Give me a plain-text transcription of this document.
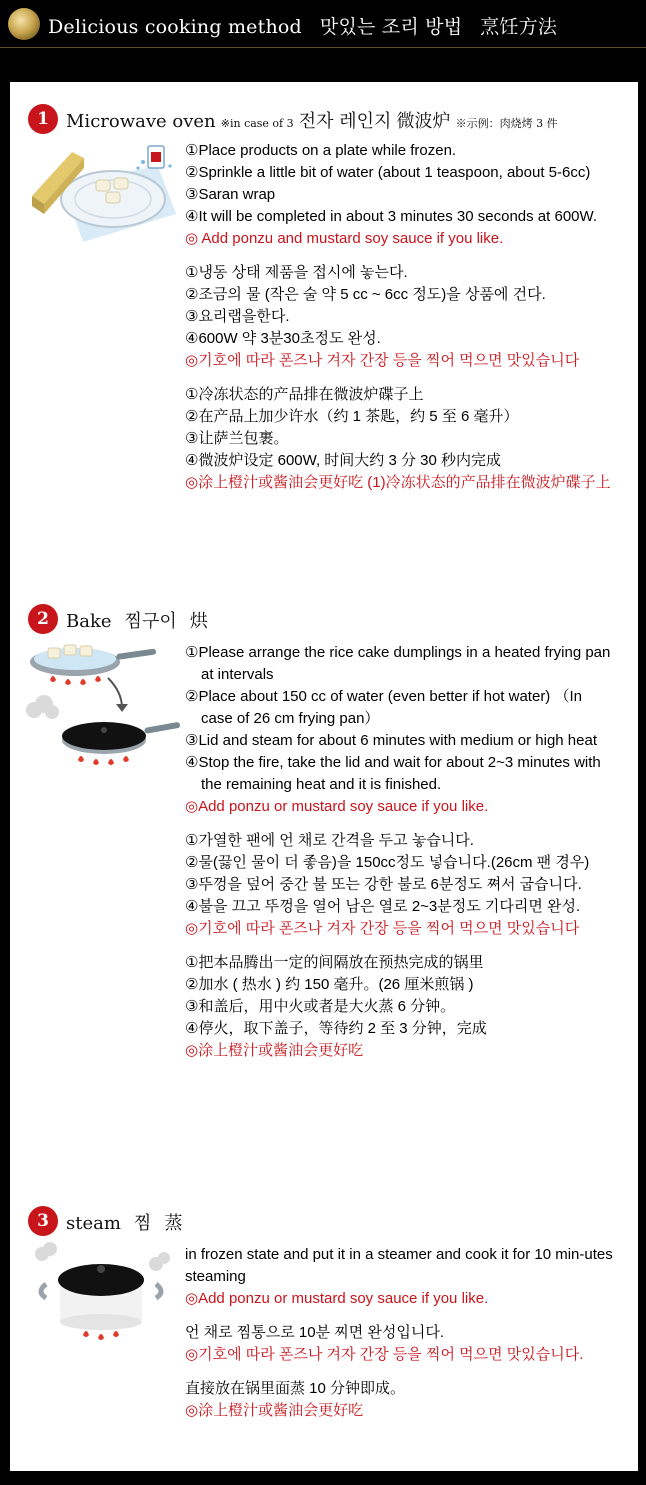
Delicious cooking method 맛있는 조리 방법 烹饪方法
1 Microwave oven ※in case of 3 전자 레인지 微波炉 ※示例：肉烧烤 3 件

①Place products on a plate while frozen.

②Sprinkle a little bit of water (about 1 teaspoon, about 5-6cc)

③Saran wrap

④It will be completed in about 3 minutes 30 seconds at 600W.

◎ Add ponzu and mustard soy sauce if you like.

①냉동 상태 제품을 접시에 놓는다.

②조금의 물 (작은 술 약 5 cc ~ 6cc 정도)을 상품에 건다.

③요리랩을한다.

④600W 약 3분30초정도 완성.

◎기호에 따라 폰즈나 겨자 간장 등을 찍어 먹으면 맛있습니다

①冷冻状态的产品排在微波炉碟子上

②在产品上加少许水（约 1 茶匙，约 5 至 6 毫升）

③让萨兰包裹。

④微波炉设定 600W, 时间大约 3 分 30 秒内完成

◎涂上橙汁或酱油会更好吃 (1)冷冻状态的产品排在微波炉碟子上

2 Bake 찜구이 烘

①Please arrange the rice cake dumplings in a heated frying pan at intervals

②Place about 150 cc of water (even better if hot water) （In case of 26 cm frying pan）

③Lid and steam for about 6 minutes with medium or high heat

④Stop the fire, take the lid and wait for about 2~3 minutes with the remaining heat and it is finished.

◎Add ponzu or mustard soy sauce if you like.

①가열한 팬에 언 채로 간격을 두고 놓습니다.

②물(끓인 물이 더 좋음)을 150cc정도 넣습니다.(26cm 팬 경우)

③뚜껑을 덮어 중간 불 또는 강한 불로 6분정도 쪄서 굽습니다.

④불을 끄고 뚜껑을 열어 남은 열로 2~3분정도 기다리면 완성.

◎기호에 따라 폰즈나 겨자 간장 등을 찍어 먹으면 맛있습니다

①把本品腾出一定的间隔放在预热完成的锅里

②加水 ( 热水 ) 约 150 毫升。(26 厘米煎锅 )

③和盖后，用中火或者是大火蒸 6 分钟。

④停火，取下盖子，等待约 2 至 3 分钟，完成

◎涂上橙汁或酱油会更好吃

3 steam 찜 蒸

in frozen state and put it in a steamer and cook it for 10 min-utes steaming

◎Add ponzu or mustard soy sauce if you like.

언 채로 찜통으로 10분 찌면 완성입니다.

◎기호에 따라 폰즈나 겨자 간장 등을 찍어 먹으면 맛있습니다.

直接放在锅里面蒸 10 分钟即成。

◎涂上橙汁或酱油会更好吃
